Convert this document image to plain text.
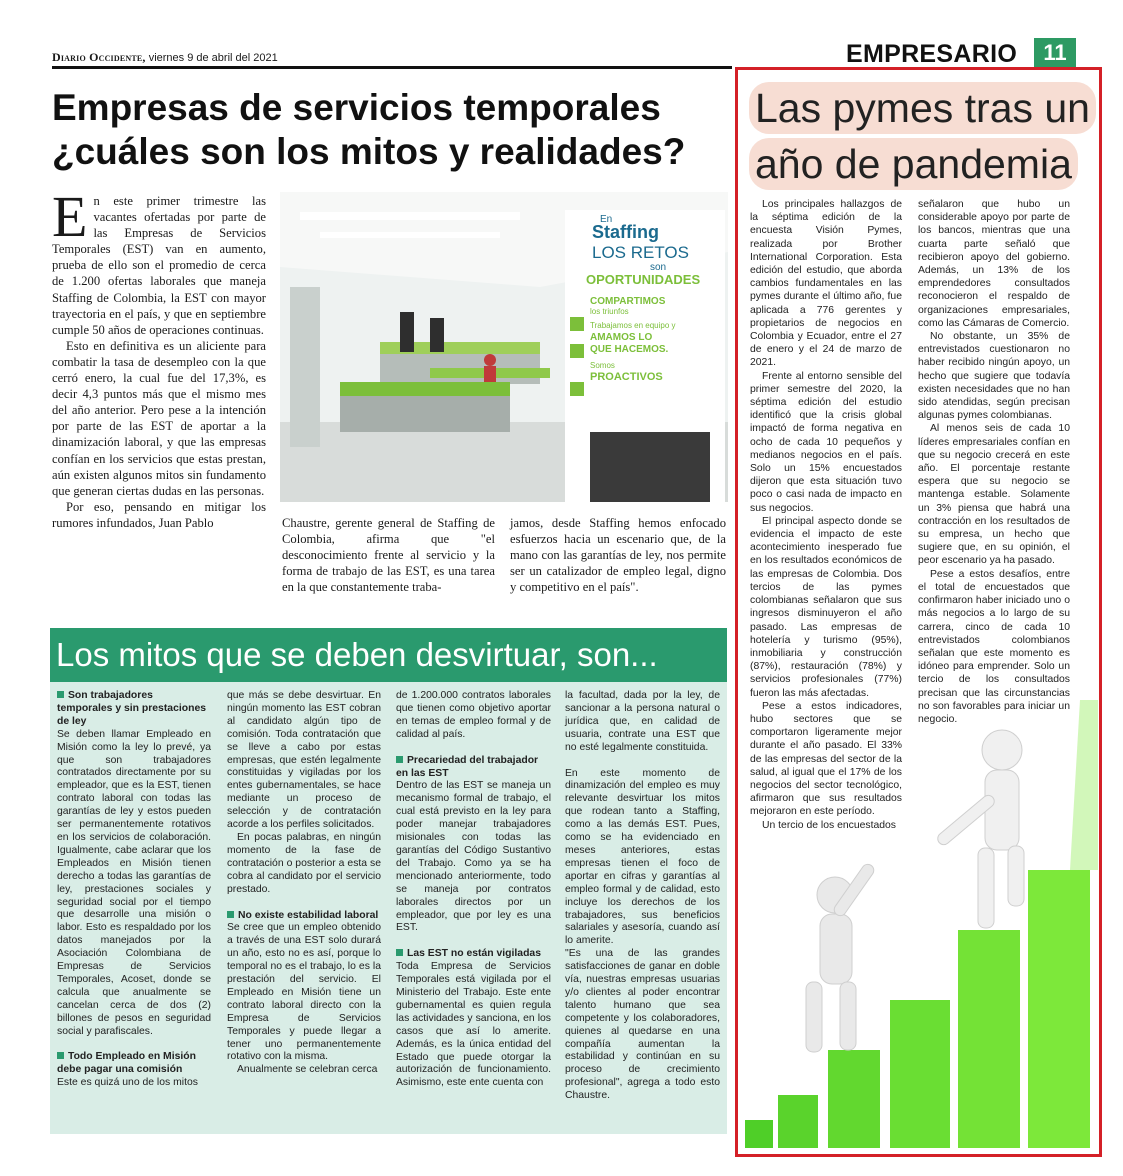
Diario Occidente, viernes 9 de abril del 2021	EMPRESARIO	11
Empresas de servicios temporales
¿cuáles son los mitos y realidades?

En este primer trimestre las vacantes ofertadas por parte de las Empresas de Servicios Temporales (EST) van en aumento, prueba de ello son el promedio de cerca de 1.200 ofertas laborales que maneja Staffing de Colombia, la EST con mayor trayectoria en el país, y que en septiembre cumple 50 años de operaciones continuas.

Esto en definitiva es un aliciente para combatir la tasa de desempleo con la que cerró enero, la cual fue del 17,3%, es decir 4,3 puntos más que el mismo mes del año anterior. Pero pese a la intención por parte de las EST de aportar a la dinamización laboral, y que las empresas confían en los servicios que estas prestan, aún existen algunos mitos sin fundamento que generan ciertas dudas en las personas.

Por eso, pensando en mitigar los rumores infundados, Juan Pablo

En
Staffing
LOS RETOS
son
OPORTUNIDADES
COMPARTIMOS
los triunfos
Trabajamos en equipo y
AMAMOS LO
QUE HACEMOS.
Somos
PROACTIVOS

Chaustre, gerente general de Staffing de Colombia, afirma que "el desconocimiento frente al servicio y la forma de trabajo de las EST, es una tarea en la que constantemente traba-

jamos, desde Staffing hemos enfocado esfuerzos hacia un escenario que, de la mano con las garantías de ley, nos permite ser un catalizador de empleo legal, digno y competitivo en el país".

Los mitos que se deben desvirtuar, son...

Son trabajadores temporales y sin prestaciones de ley

Se deben llamar Empleado en Misión como la ley lo prevé, ya que son trabajadores contratados directamente por su empleador, que es la EST, tienen contrato laboral con todas las garantías de ley y estos pueden ser permanentemente rotativos en los servicios de colaboración. Igualmente, cabe aclarar que los Empleados en Misión tienen derecho a todas las garantías de ley, prestaciones sociales y seguridad social por el tiempo que desarrolle una misión o labor. Esto es respaldado por los datos manejados por la Asociación Colombiana de Empresas de Servicios Temporales, Acoset, donde se calcula que anualmente se cancelan cerca de dos (2) billones de pesos en seguridad social y parafiscales.

Todo Empleado en Misión debe pagar una comisión

Este es quizá uno de los mitos

que más se debe desvirtuar. En ningún momento las EST cobran al candidato algún tipo de comisión. Toda contratación que se lleve a cabo por estas empresas, que estén legalmente constituidas y vigiladas por los entes gubernamentales, se hace mediante un proceso de selección y de contratación acorde a los perfiles solicitados.

En pocas palabras, en ningún momento de la fase de contratación o posterior a esta se cobra al candidato por el servicio prestado.

No existe estabilidad laboral

Se cree que un empleo obtenido a través de una EST solo durará un año, esto no es así, porque lo temporal no es el trabajo, lo es la prestación del servicio. El Empleado en Misión tiene un contrato laboral directo con la Empresa de Servicios Temporales y puede llegar a tener uno permanentemente rotativo con la misma.

Anualmente se celebran cerca

de 1.200.000 contratos laborales que tienen como objetivo aportar en temas de empleo formal y de calidad al país.

Precariedad del trabajador en las EST

Dentro de las EST se maneja un mecanismo formal de trabajo, el cual está previsto en la ley para poder manejar trabajadores misionales con todas las garantías del Código Sustantivo del Trabajo. Como ya se ha mencionado anteriormente, todo se maneja por contratos laborales directos por un empleador, que por ley es una EST.

Las EST no están vigiladas

Toda Empresa de Servicios Temporales está vigilada por el Ministerio del Trabajo. Este ente gubernamental es quien regula las actividades y sanciona, en los casos que así lo amerite. Además, es la única entidad del Estado que puede otorgar la autorización de funcionamiento. Asimismo, este ente cuenta con

la facultad, dada por la ley, de sancionar a la persona natural o jurídica que, en calidad de usuaria, contrate una EST que no esté legalmente constituida.

En este momento de dinamización del empleo es muy relevante desvirtuar los mitos que rodean tanto a Staffing, como a las demás EST. Pues, como se ha evidenciado en meses anteriores, estas empresas tienen el foco de aportar en cifras y garantías al empleo formal y de calidad, esto incluye los derechos de los trabajadores, sus beneficios salariales y asesoría, cuando así lo amerite.

"Es una de las grandes satisfacciones de ganar en doble vía, nuestras empresas usuarias y/o clientes al poder encontrar talento humano que sea competente y los colaboradores, quienes al quedarse en una compañía aumentan la estabilidad y continúan en su proceso de crecimiento profesional", agrega a todo esto Chaustre.

Las pymes tras un
año de pandemia

Los principales hallazgos de la séptima edición de la encuesta Visión Pymes, realizada por Brother International Corporation. Esta edición del estudio, que aborda cambios fundamentales en las pymes durante el último año, fue aplicada a 776 gerentes y propietarios de negocios en Colombia y Ecuador, entre el 27 de enero y el 24 de marzo de 2021.

Frente al entorno sensible del primer semestre del 2020, la séptima edición del estudio identificó que la crisis global impactó de forma negativa en ocho de cada 10 pequeños y medianos negocios en el país. Solo un 15% encuestados dijeron que esta situación tuvo poco o casi nada de impacto en sus negocios.

El principal aspecto donde se evidencia el impacto de este acontecimiento inesperado fue en los resultados económicos de las empresas de Colombia. Dos tercios de las pymes colombianas señalaron que sus ingresos disminuyeron el año pasado. Las empresas de hotelería y turismo (95%), inmobiliaria y construcción (87%), restauración (78%) y servicios profesionales (77%) fueron las más afectadas.

Pese a estos indicadores, hubo sectores que se comportaron ligeramente mejor durante el año pasado. El 33% de las empresas del sector de la salud, al igual que el 17% de los negocios del sector tecnológico, afirmaron que sus resultados mejoraron en este período.

Un tercio de los encuestados

señalaron que hubo un considerable apoyo por parte de los bancos, mientras que una cuarta parte señaló que recibieron apoyo del gobierno. Además, un 13% de los emprendedores consultados reconocieron el respaldo de organizaciones empresariales, como las Cámaras de Comercio.

No obstante, un 35% de entrevistados cuestionaron no haber recibido ningún apoyo, un hecho que sugiere que todavía existen necesidades que no han sido atendidas, según precisan algunas pymes colombianas.

Al menos seis de cada 10 líderes empresariales confían en que su negocio crecerá en este año. El porcentaje restante espera que su negocio se mantenga estable. Solamente un 3% piensa que habrá una contracción en los resultados de su empresa, un hecho que sugiere que, en su opinión, el peor escenario ya ha pasado.

Pese a estos desafíos, entre el total de encuestados que confirmaron haber iniciado uno o más negocios a lo largo de su carrera, cinco de cada 10 entrevistados colombianos señalan que este momento es idóneo para emprender. Solo un tercio de los consultados precisan que las circunstancias no son favorables para iniciar un negocio.
